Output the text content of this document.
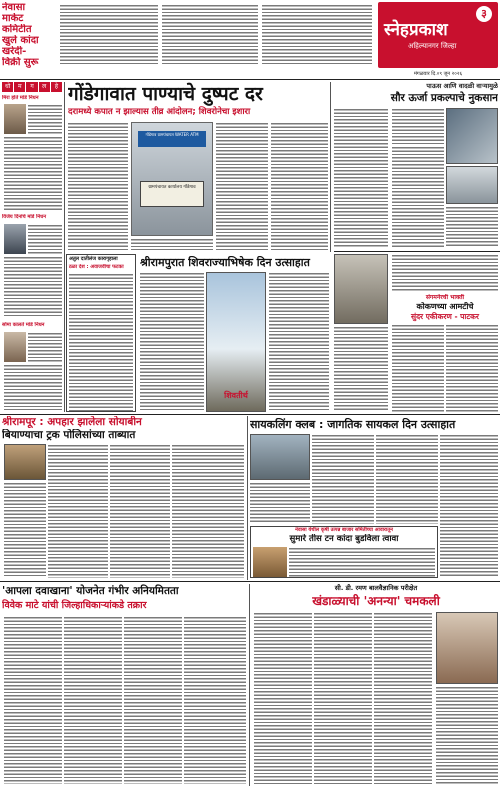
नेवासा
मार्केट
कमिटीत
खुले कांदा
खरेदी-
विक्री सुरू
३
स्नेहप्रकाश
अहिल्यानगर जिल्हा
मंगळवार दि.०९ जून २०२६
धो	म	ग	ल	हे
मिरा होते मांडे निधन
विजेय दिनांचे मांडे निधन
सोमा कालते मांडे निधन
गोंडेगावात पाण्याचे दुष्पट दर
दरामध्ये कपात न झाल्यास तीव्र आंदोलन; शिवरोनेचा इशारा
गोंडेगाव ग्रामपंचायत WATER ATM
ग्रामपंचायत कार्यालय गोंडेगाव
पाऊस आणि वादळी वाऱ्यामुळे
सौर ऊर्जा प्रकल्पाचे नुकसान
अतुल दातीलंज कारागृहाला
ठळा देश : अवाजवीचा फटका	श्रीरामपुरात शिवराज्याभिषेक दिन उत्साहात
शिवतीर्थ
संगमनेरची भाक्ती
कोकणच्या आमटीचे
सुंदर एकीकरण - पाटकर
श्रीरामपूर : अपहार झालेला सोयाबीन
बियाण्याचा ट्रक पोलिसांच्या ताब्यात
सायकलिंग क्लब : जागतिक सायकल दिन उत्साहात
नेवासा येथील कृषी उत्पन्न बाजार समितीच्या आवारातून
सुमारे तीस टन कांदा बुडविला त्वावा
'आपला दवाखाना' योजनेत गंभीर अनियमितता
विवेक माटे यांची जिल्हाधिकाऱ्यांकडे तक्रार
सी. डी. रमण बालवैज्ञानिक परीक्षेत
खंडाळ्याची 'अनन्या' चमकली
